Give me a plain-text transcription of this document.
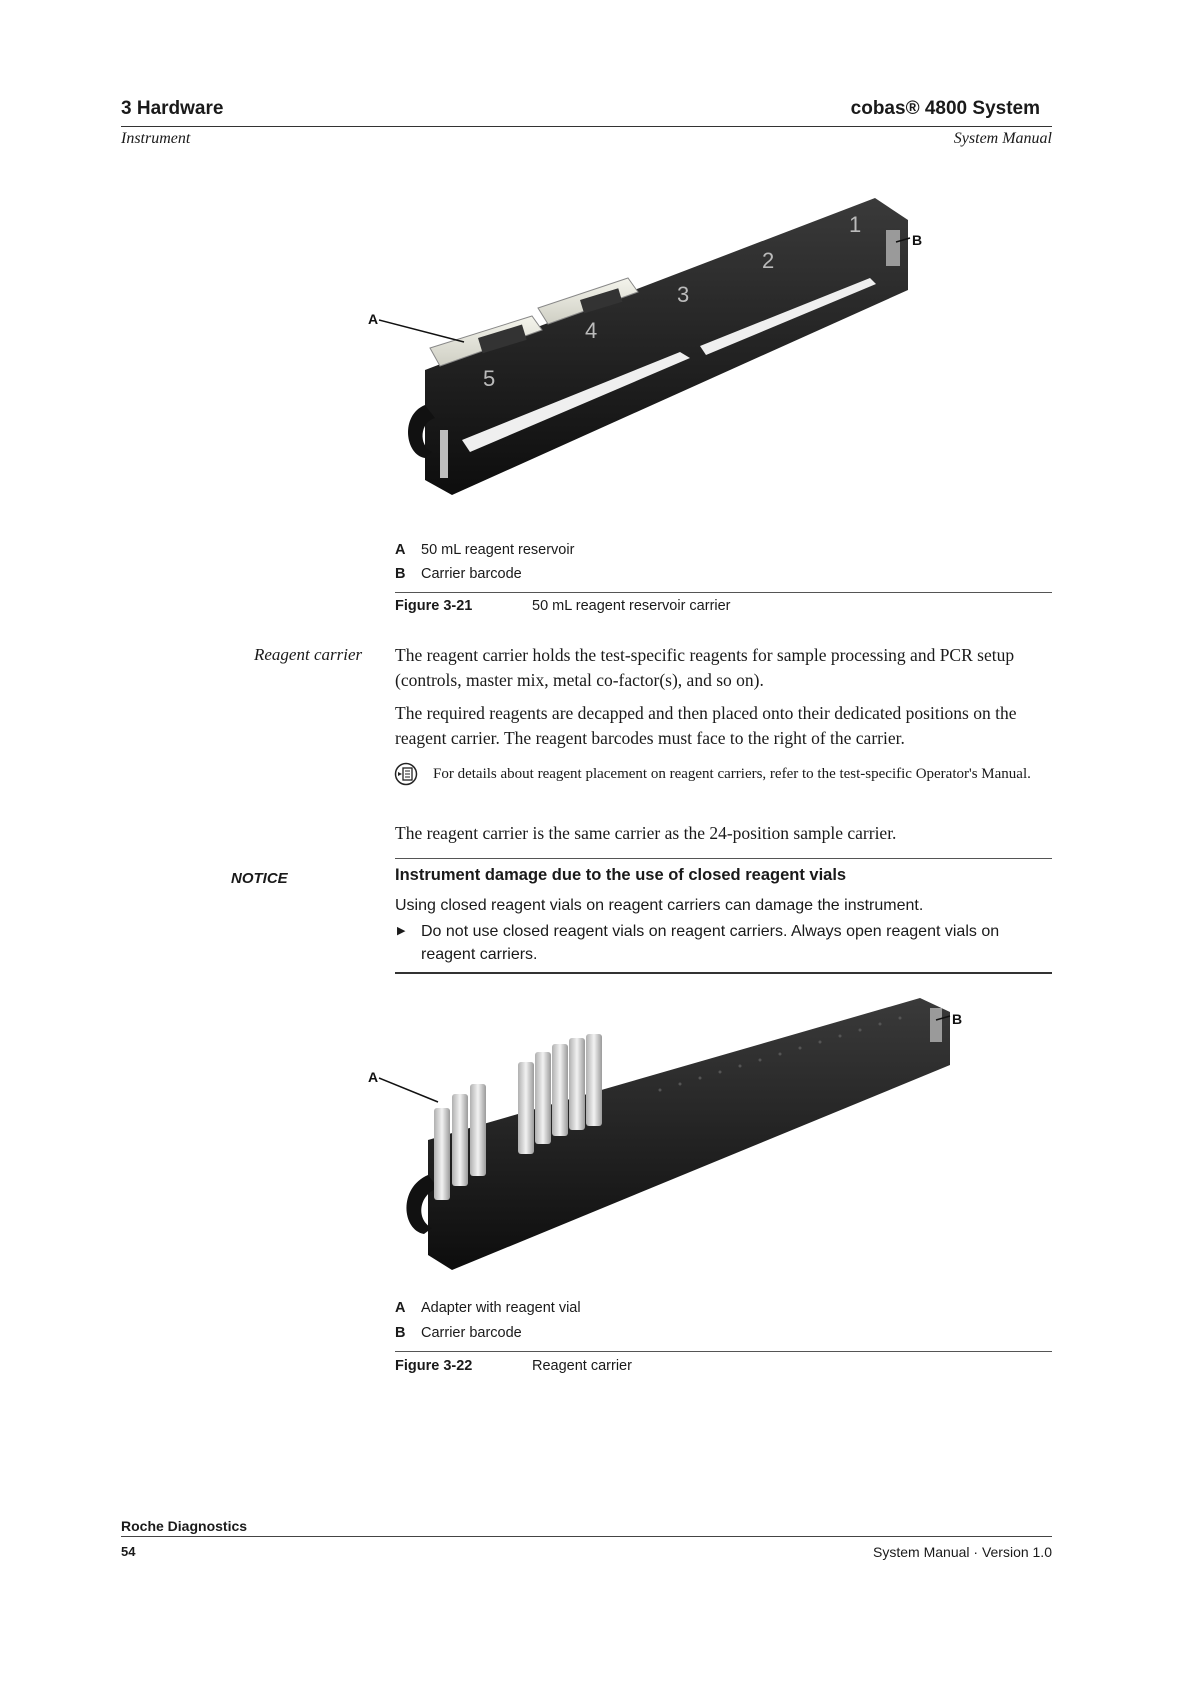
3 Hardware	cobas® 4800 System
Instrument	System Manual
1
2
3
4
5
A
B
A 50 mL reagent reservoir
B Carrier barcode
Figure 3-21	50 mL reagent reservoir carrier
Reagent carrier The reagent carrier holds the test-specific reagents for sample processing and PCR setup (controls, master mix, metal co-factor(s), and so on).
The required reagents are decapped and then placed onto their dedicated positions on the reagent carrier. The reagent barcodes must face to the right of the carrier.
For details about reagent placement on reagent carriers, refer to the test-specific Operator's Manual.
The reagent carrier is the same carrier as the 24-position sample carrier.
NOTICE	Instrument damage due to the use of closed reagent vials
Using closed reagent vials on reagent carriers can damage the instrument.
▶ Do not use closed reagent vials on reagent carriers. Always open reagent vials on reagent carriers.
A
B
A Adapter with reagent vial
B Carrier barcode
Figure 3-22	Reagent carrier
Roche Diagnostics
54	System Manual · Version 1.0
